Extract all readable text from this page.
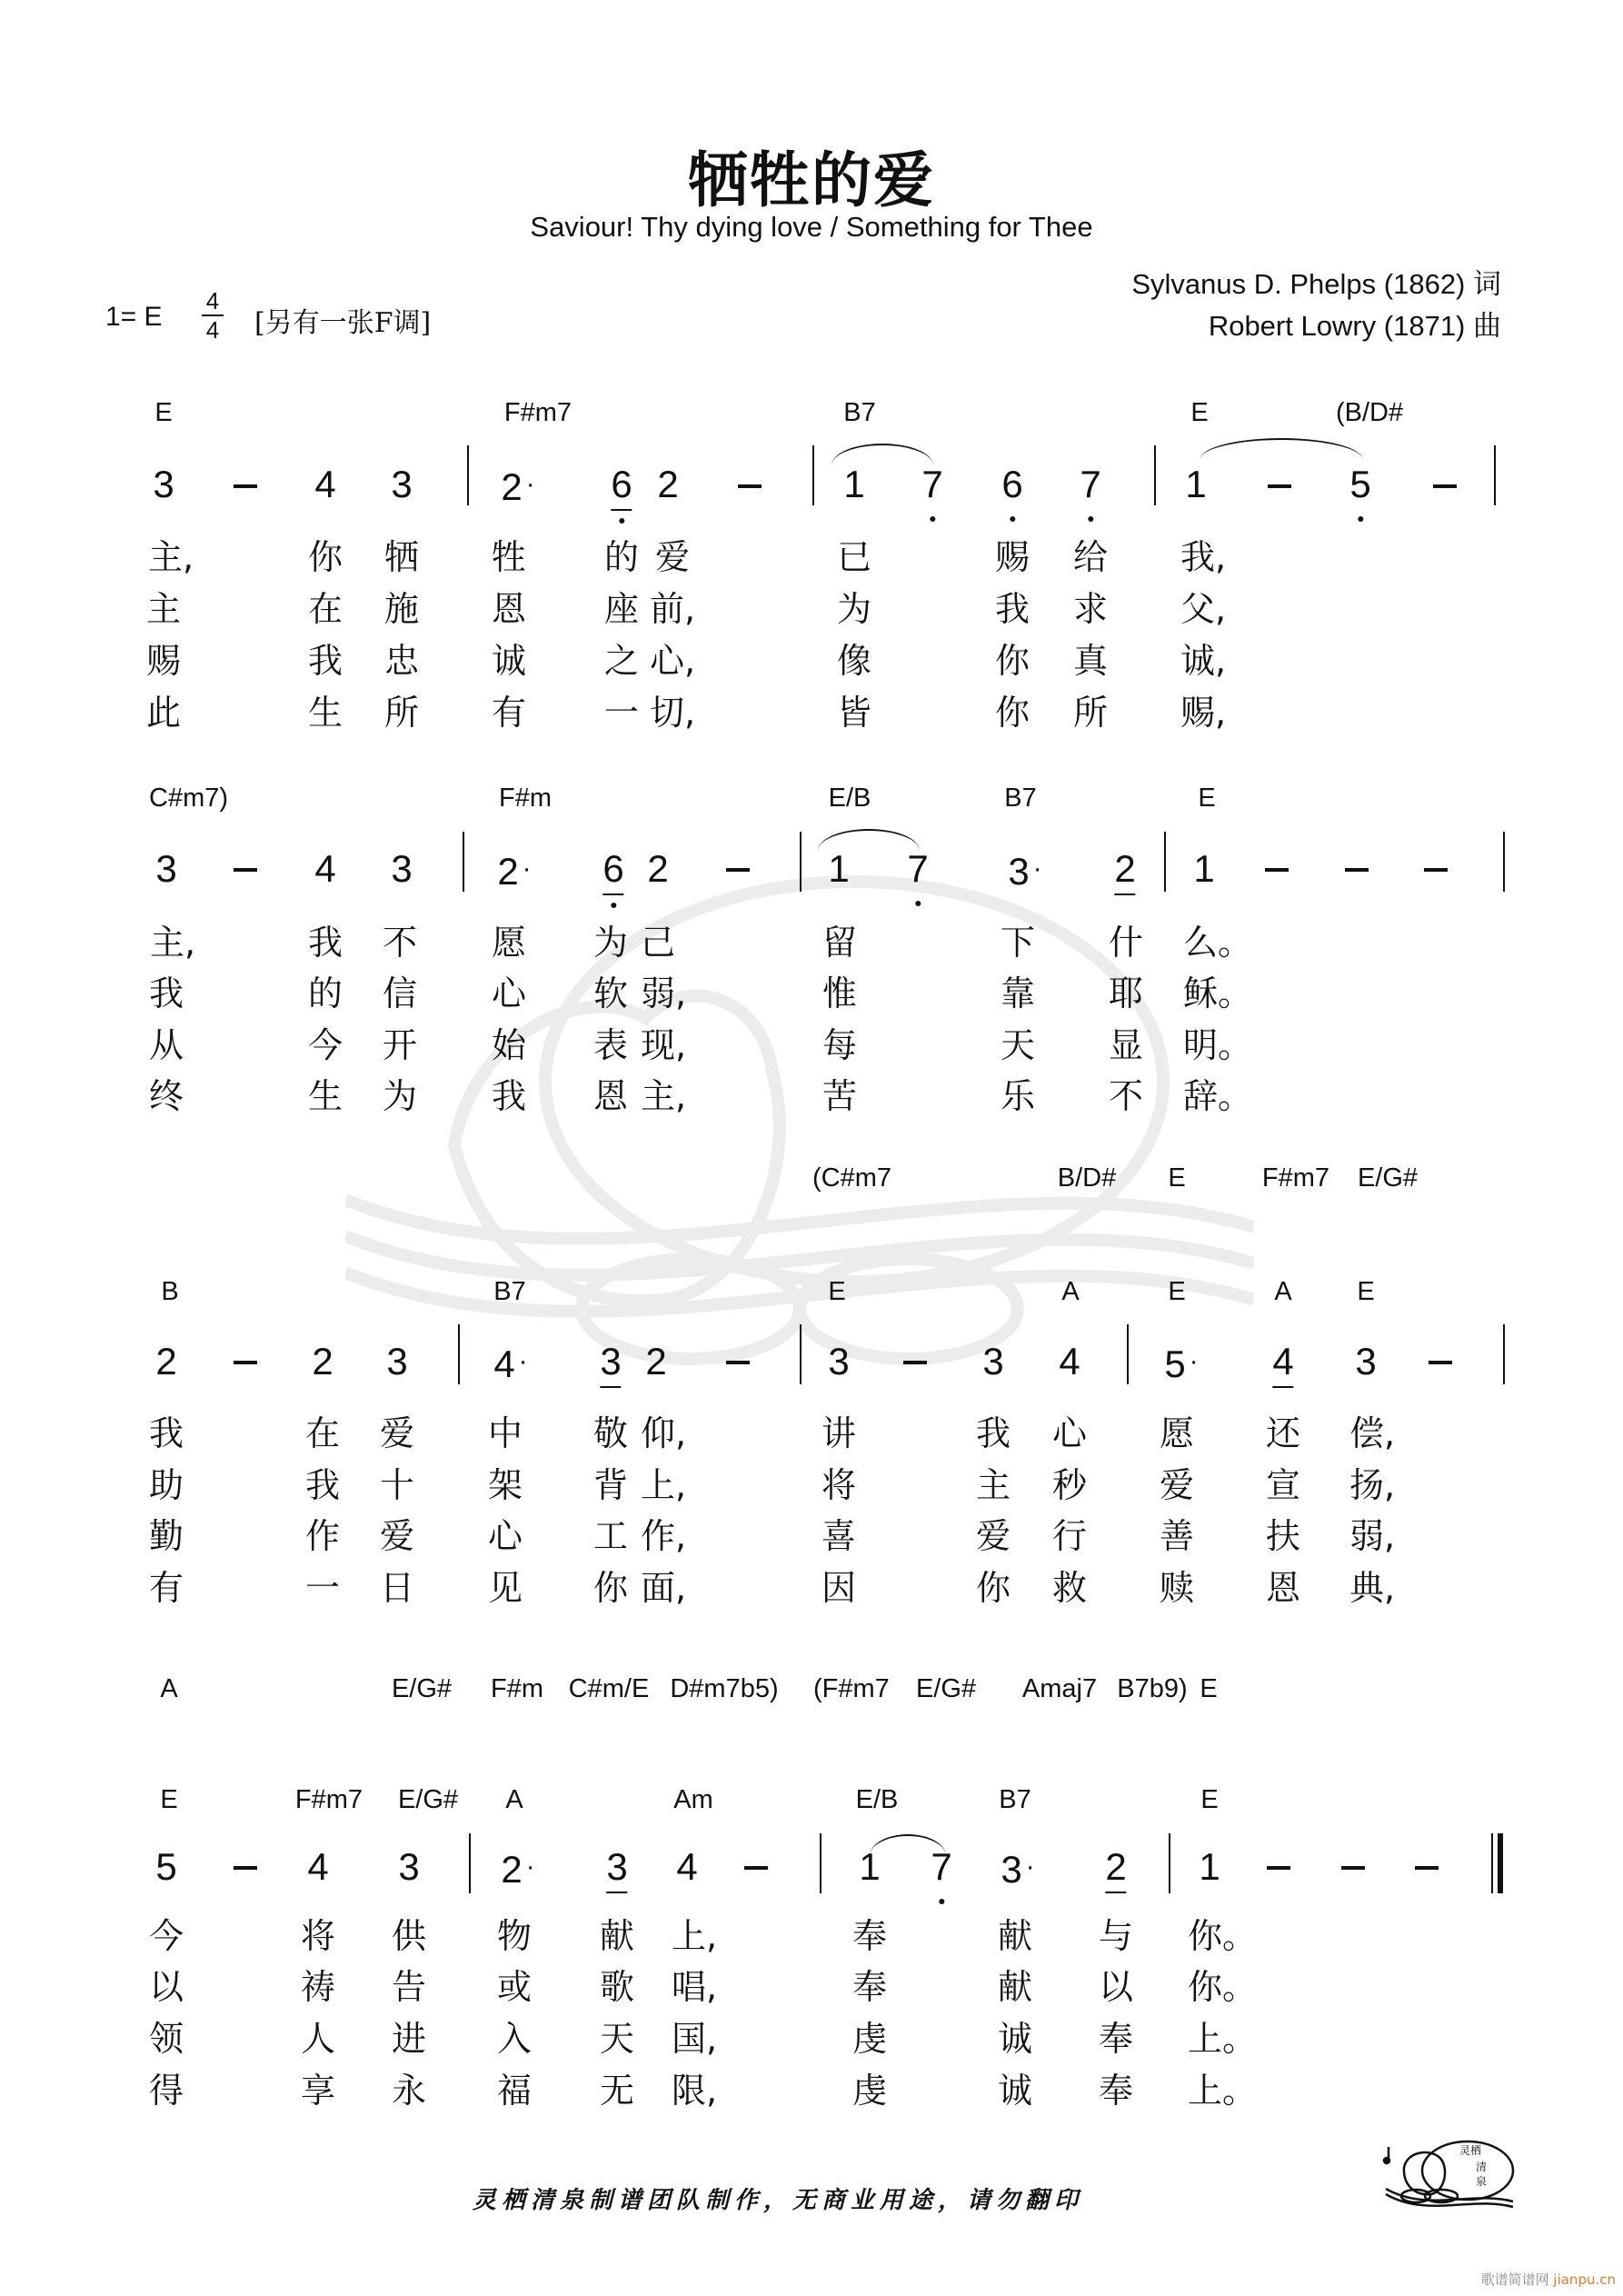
牺牲的爱
Saviour! Thy dying love / Something for Thee
Sylvanus D. Phelps (1862) 词
Robert Lowry (1871) 曲
1= E
4
4 [另有一张F调]
E	F#m7	B7	E	(B/D#
3	4 3 2 · 6 2	1 7 6 7 1	5
主,	你 牺 牲 的 爱	已	赐 给 我,
主	在 施 恩 座 前,	为	我 求 父,
赐	我 忠 诚 之 心,	像	你 真 诚,
此	生 所 有 一 切,	皆	你 所 赐,
C#m7)	F#m	E/B	B7	E
3	4 3 2 · 6 2	1 7 3 · 2 1
主,	我 不 愿 为 己	留	下 什 么。
我	的 信 心 软 弱,	惟	靠 耶 稣。
从	今 开 始 表 现,	每	天 显 明。
终	生 为 我 恩 主,	苦	乐 不 辞。
(C#m7	B/D# E	F#m7 E/G#
B	B7	E	A	E	A E
2	2 3 4 · 3 2	3	3 4 5 · 4 3
我	在 爱 中 敬 仰,	讲	我 心 愿 还 偿,
助	我 十 架 背 上,	将	主 秒 爱 宣 扬,
勤	作 爱 心 工 作,	喜	爱 行 善 扶 弱,
有	一 日 见 你 面,	因	你 救 赎 恩 典,
A	E/G# F#m C#m/E D#m7b5) (F#m7 E/G# Amaj7 B7b9) E
E	F#m7 E/G# A	Am	E/B	B7	E
5	4 3 2 · 3 4	1 7 3 · 2 1
今	将 供 物 献 上,	奉	献 与 你。
以	祷 告 或 歌 唱,	奉	献 以 你。
领	人 进 入 天 国,	虔	诚 奉 上。
得	享 永 福 无 限,	虔	诚 奉 上。
灵栖清泉制谱团队制作，无商业用途，请勿翻印
灵栖
清
泉
歌谱简谱网 jianpu.cn
